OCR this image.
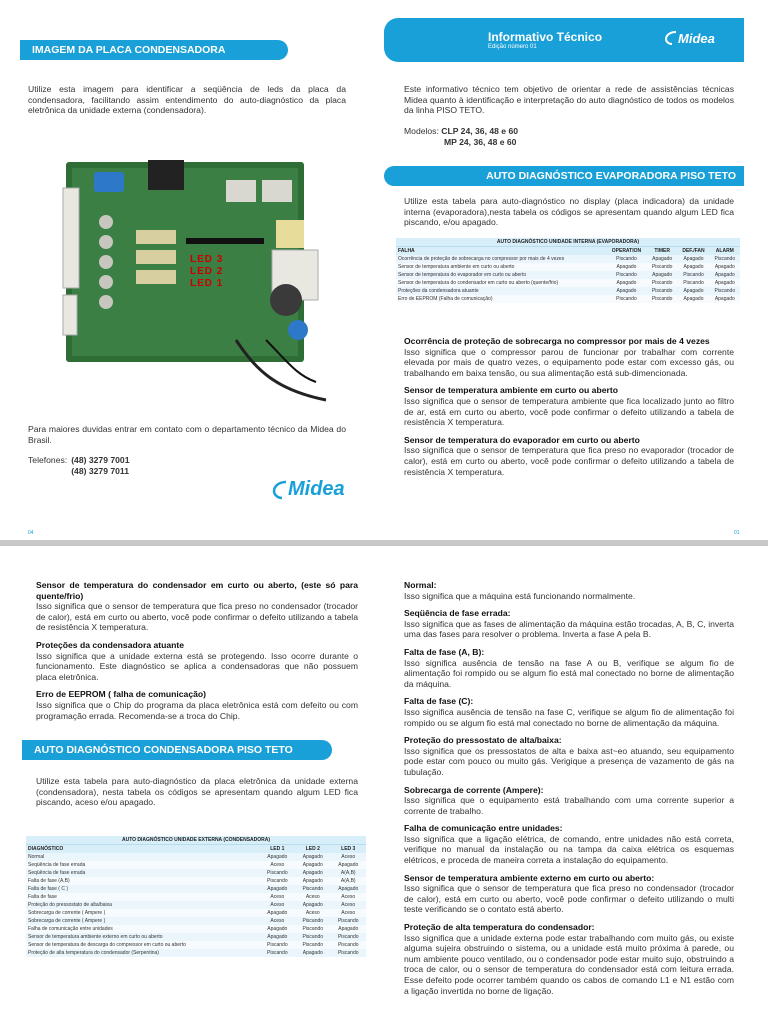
IMAGEM DA PLACA CONDENSADORA
Informativo Técnico
Edição número 01
Midea
Utilize esta imagem para identificar a seqüência de leds da placa da condensadora, facilitando assim entendimento do auto-diagnóstico da placa eletrônica da unidade externa (condensadora).
Este informativo técnico tem objetivo de orientar a rede de assistências técnicas Midea quanto à identificação e interpretação do auto diagnóstico de todos os modelos da linha PISO TETO.
Modelos: CLP 24, 36, 48 e 60
MP 24, 36, 48 e 60
LED 3
LED 2
LED 1
AUTO DIAGNÓSTICO EVAPORADORA PISO TETO
Utilize esta tabela para auto-diagnóstico no display (placa indicadora) da unidade interna (evaporadora),nesta tabela os códigos se apresentam quando algum LED fica piscando, e/ou apagado.
AUTO DIAGNÓSTICO UNIDADE INTERNA (EVAPORADORA)
FALHA	OPERATION	TIMER	DEF./FAN	ALARM
Ocorrência de proteção de sobrecarga no compressor por mais de 4 vezes	Piscando	Apagado	Apagado	Piscando
Sensor de temperatura ambiente em curto ou aberto	Apagado	Piscando	Apagado	Apagado
Sensor de temperatura do evaporador em curto ou aberto	Piscando	Apagado	Piscando	Apagado
Sensor de temperatura do condensador em curto ou aberto (quente/frio)	Apagado	Piscando	Piscando	Apagado
Proteções da condensadora atuante	Apagado	Piscando	Apagado	Piscando
Erro de EEPROM (Falha de comunicação)	Piscando	Piscando	Apagado	Apagado
Ocorrência de proteção de sobrecarga no compressor por mais de 4 vezes
Isso significa que o compressor parou de funcionar por trabalhar com corrente elevada por mais de quatro vezes, o equipamento pode estar com excesso gás, ou trabalhando em baixa tensão, ou sua alimentação está sub-dimencionada.
Sensor de temperatura ambiente em curto ou aberto
Isso significa que o sensor de temperatura ambiente que fica localizado junto ao filtro de ar, está em curto ou aberto, você pode confirmar o defeito utilizando a tabela de resistência X temperatura.
Sensor de temperatura do evaporador em curto ou aberto
Isso significa que o sensor de temperatura que fica preso no evaporador (trocador de calor), está em curto ou aberto, você pode confirmar o defeito utilizando a tabela de resistência X temperatura.
Para maiores duvidas entrar em contato com o departamento técnico da Midea do Brasil.
Telefones: (48) 3279 7001
(48) 3279 7011
Midea
04	01
Sensor de temperatura do condensador em curto ou aberto, (este só para quente/frio)
Isso significa que o sensor de temperatura que fica preso no condensador (trocador de calor), está em curto ou aberto, você pode confirmar o defeito utilizando a tabela de resistência X temperatura.
Proteções da condensadora atuante
Isso significa que a unidade externa está se protegendo. Isso ocorre durante o funcionamento. Este diagnóstico se aplica a condensadoras que não possuem placa eletrônica.
Erro de EEPROM ( falha de comunicação)
Isso significa que o Chip do programa da placa eletrônica está com defeito ou com programação errada. Recomenda-se a troca do Chip.
AUTO DIAGNÓSTICO CONDENSADORA PISO TETO
Utilize esta tabela para auto-diagnóstico da placa eletrônica da unidade externa (condensadora), nesta tabela os códigos se apresentam quando algum LED fica piscando, aceso e/ou apagado.
AUTO DIAGNÓSTICO UNIDADE EXTERNA (CONDENSADORA)
DIAGNÓSTICO	LED 1	LED 2	LED 3
Normal	Apagado	Apagado	Aceso
Seqüência de fase errada	Aceso	Apagado	Apagado
Seqüência de fase errada	Piscando	Apagado	A(A,B)
Falta de fase (A,B)	Piscando	Apagado	A(A,B)
Falta de fase ( C )	Apagado	Piscando	Apagado
Falta de fase	Aceso	Aceso	Aceso
Proteção do pressostato de alta/baixa	Aceso	Apagado	Aceso
Sobrecarga de corrente ( Ampere )	Apagado	Aceso	Aceso
Sobrecarga de corrente ( Ampere )	Aceso	Piscando	Piscando
Falha de comunicação entre unidades	Apagado	Piscando	Apagado
Sensor de temperatura ambiente externo em curto ou aberto	Apagado	Piscando	Piscando
Sensor de temperatura de descarga do compressor em curto ou aberto	Piscando	Piscando	Piscando
Proteção de alta temperatura do condensador (Serpentina)	Piscando	Apagado	Piscando
Normal:
Isso significa que a máquina está funcionando normalmente.
Seqüência de fase errada:
Isso significa que as fases de alimentação da máquina estão trocadas, A, B, C, inverta uma das fases para resolver o problema. Inverta a fase A pela B.
Falta de fase (A, B):
Isso significa ausência de tensão na fase A ou B, verifique se algum fio de alimentação foi rompido ou se algum fio está mal conectado no borne de alimentação da máquina.
Falta de fase (C):
Isso significa ausência de tensão na fase C, verifique se algum fio de alimentação foi rompido ou se algum fio está mal conectado no borne de alimentação da máquina.
Proteção do pressostato de alta/baixa:
Isso significa que os pressostatos de alta e baixa ast~eo atuando, seu equipamento pode estar com pouco ou muito gás. Verigique a presença de vazamento de gás na tubulação.
Sobrecarga de corrente (Ampere):
Isso significa que o equipamento está trabalhando com uma corrente superior a corrente de trabalho.
Falha de comunicação entre unidades:
Isso significa que a ligação elétrica, de comando, entre unidades não está correta, verifique no manual da instalação ou na tampa da caixa elétrica os esquemas elétricos, e proceda de maneira correta a instalação do equipamento.
Sensor de temperatura ambiente externo em curto ou aberto:
Isso significa que o sensor de temperatura que fica preso no condensador (trocador de calor), está em curto ou aberto, você pode confirmar o defeito utilizando o multi teste verificando se o contato está aberto.
Proteção de alta temperatura do condensador:
Isso significa que a unidade externa pode estar trabalhando com muito gás, ou existe alguma sujeira obstruindo o sistema, ou a unidade está muito próxima à parede, ou num ambiente pouco ventilado, ou o condensador pode estar muito sujo, obstruindo a troca de calor, ou o sensor de temperatura do condensador está com leitura errada. Esse defeito pode ocorrer também quando os cabos de comando L1 e N1 estão com a ligação invertida no borne de ligação.
